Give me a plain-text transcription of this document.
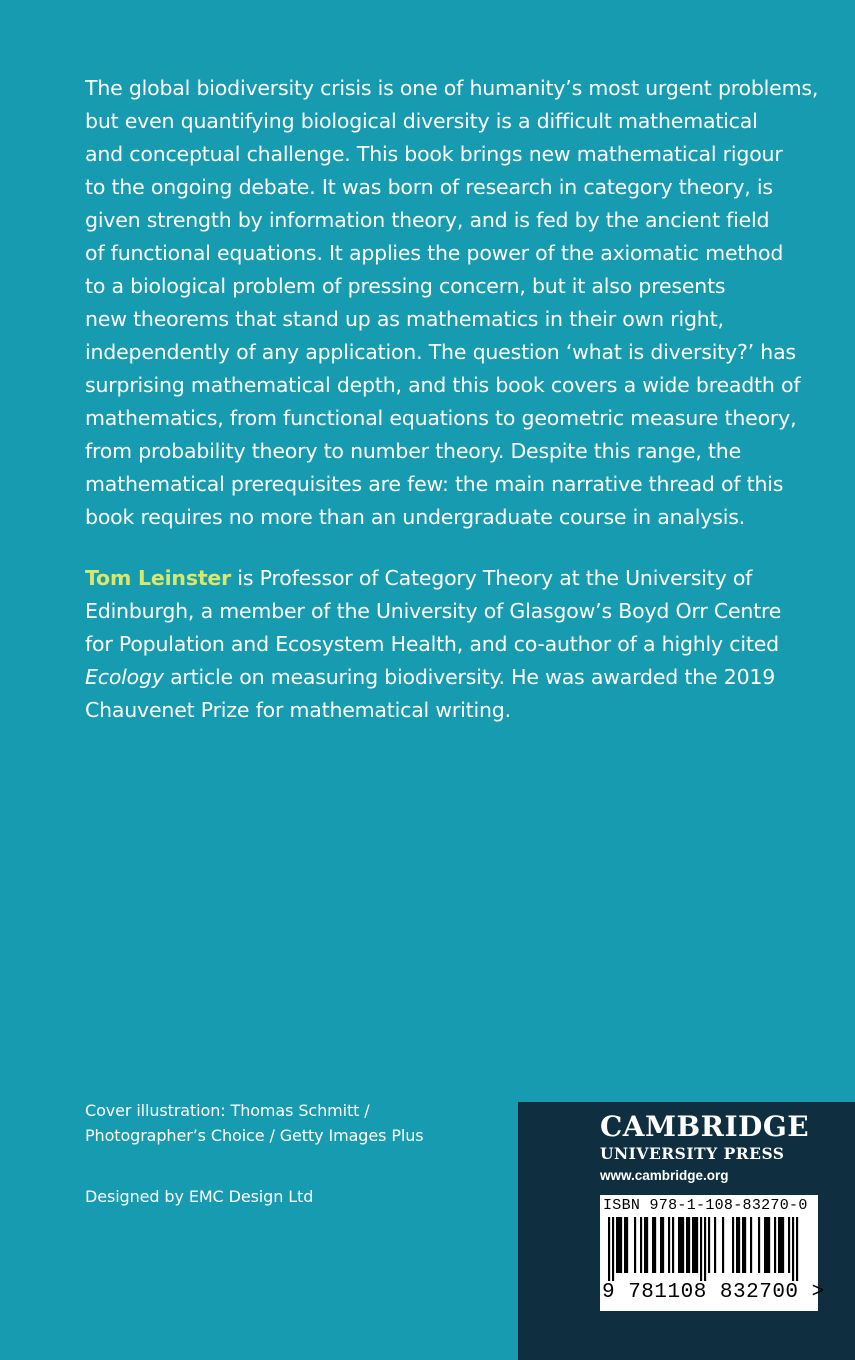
The global biodiversity crisis is one of humanity’s most urgent problems,
but even quantifying biological diversity is a difficult mathematical
and conceptual challenge. This book brings new mathematical rigour
to the ongoing debate. It was born of research in category theory, is
given strength by information theory, and is fed by the ancient field
of functional equations. It applies the power of the axiomatic method
to a biological problem of pressing concern, but it also presents
new theorems that stand up as mathematics in their own right,
independently of any application. The question ‘what is diversity?’ has
surprising mathematical depth, and this book covers a wide breadth of
mathematics, from functional equations to geometric measure theory,
from probability theory to number theory. Despite this range, the
mathematical prerequisites are few: the main narrative thread of this
book requires no more than an undergraduate course in analysis.
Tom Leinster is Professor of Category Theory at the University of
Edinburgh, a member of the University of Glasgow’s Boyd Orr Centre
for Population and Ecosystem Health, and co-author of a highly cited
Ecology article on measuring biodiversity. He was awarded the 2019
Chauvenet Prize for mathematical writing.
Cover illustration: Thomas Schmitt /
Photographer’s Choice / Getty Images Plus
Designed by EMC Design Ltd
CAMBRIDGE
UNIVERSITY PRESS
www.cambridge.org
ISBN 978-1-108-83270-0
9 781108 832700 >
